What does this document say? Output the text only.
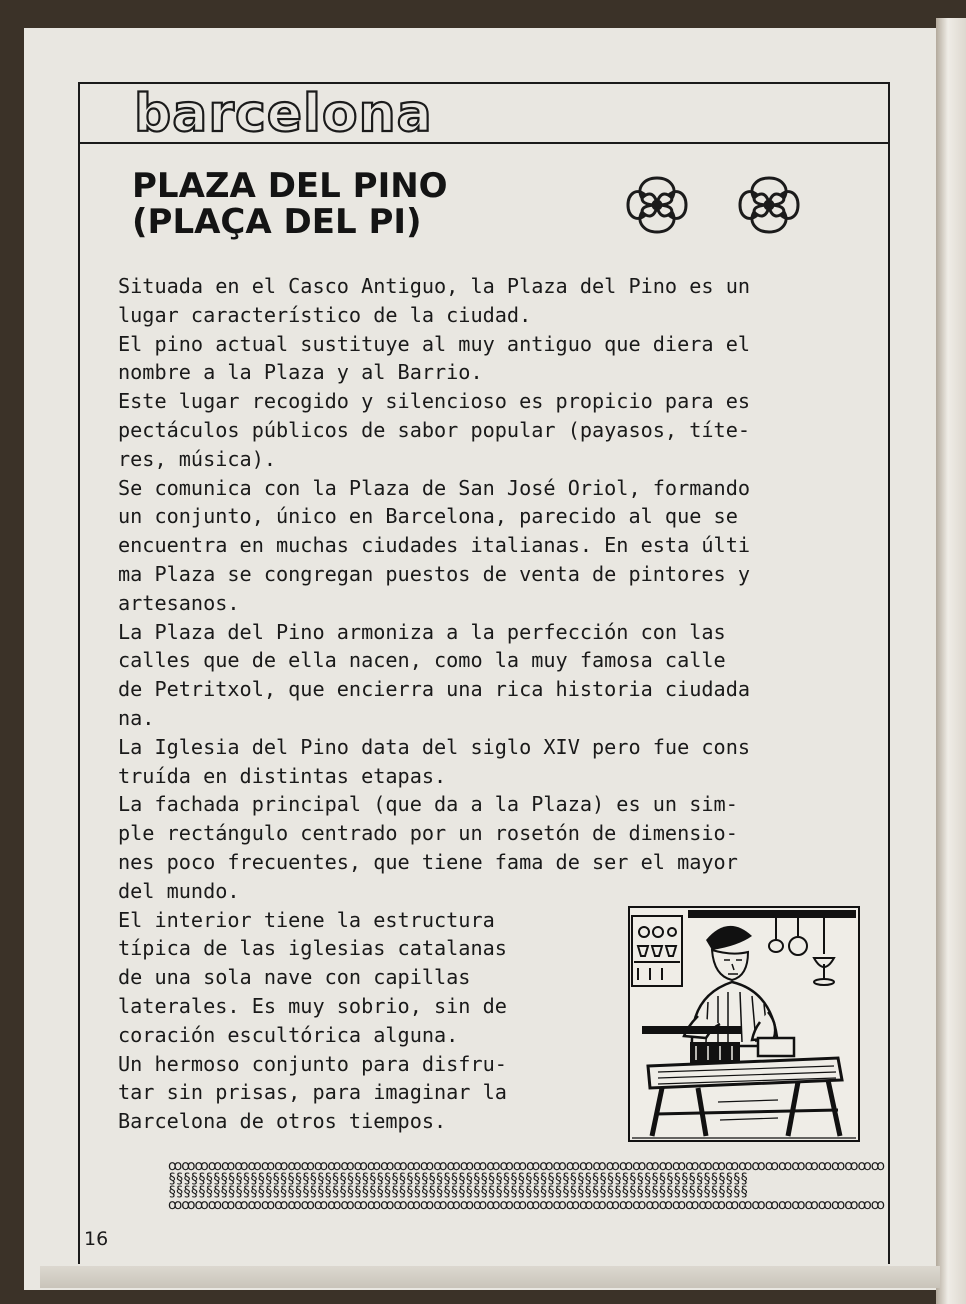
barcelona
PLAZA DEL PINO
(PLAÇA DEL PI)
Situada en el Casco Antiguo, la Plaza del Pino es un
lugar característico de la ciudad.
El pino actual sustituye al muy antiguo que diera el
nombre a la Plaza y al Barrio.
Este lugar recogido y silencioso es propicio para es
pectáculos públicos de sabor popular (payasos, títe-
res, música).
Se comunica con la Plaza de San José Oriol, formando
un conjunto, único en Barcelona, parecido al que se
encuentra en muchas ciudades italianas. En esta últi
ma Plaza se congregan puestos de venta de pintores y
artesanos.
La Plaza del Pino armoniza a la perfección con las
calles que de ella nacen, como la muy famosa calle
de Petritxol, que encierra una rica historia ciudada
na.
La Iglesia del Pino data del siglo XIV pero fue cons
truída en distintas etapas.
La fachada principal (que da a la Plaza) es un sim-
ple rectángulo centrado por un rosetón de dimensio-
nes poco frecuentes, que tiene fama de ser el mayor
del mundo.
El interior tiene la estructura
típica de las iglesias catalanas
de una sola nave con capillas
laterales. Es muy sobrio, sin de
coración escultórica alguna.
Un hermoso conjunto para disfru-
tar sin prisas, para imaginar la
Barcelona de otros tiempos.
ꝏꝏꝏꝏꝏꝏꝏꝏꝏꝏꝏꝏꝏꝏꝏꝏꝏꝏꝏꝏꝏꝏꝏꝏꝏꝏꝏꝏꝏꝏꝏꝏꝏꝏꝏꝏꝏꝏꝏꝏꝏꝏꝏꝏꝏꝏꝏꝏꝏꝏꝏꝏꝏꝏ
§§§§§§§§§§§§§§§§§§§§§§§§§§§§§§§§§§§§§§§§§§§§§§§§§§§§§§§§§§§§§§§§§§§§§§§§§§§§§§
§§§§§§§§§§§§§§§§§§§§§§§§§§§§§§§§§§§§§§§§§§§§§§§§§§§§§§§§§§§§§§§§§§§§§§§§§§§§§§
ꝏꝏꝏꝏꝏꝏꝏꝏꝏꝏꝏꝏꝏꝏꝏꝏꝏꝏꝏꝏꝏꝏꝏꝏꝏꝏꝏꝏꝏꝏꝏꝏꝏꝏꝏꝏꝏꝏꝏꝏꝏꝏꝏꝏꝏꝏꝏꝏꝏꝏꝏꝏꝏꝏ
16
